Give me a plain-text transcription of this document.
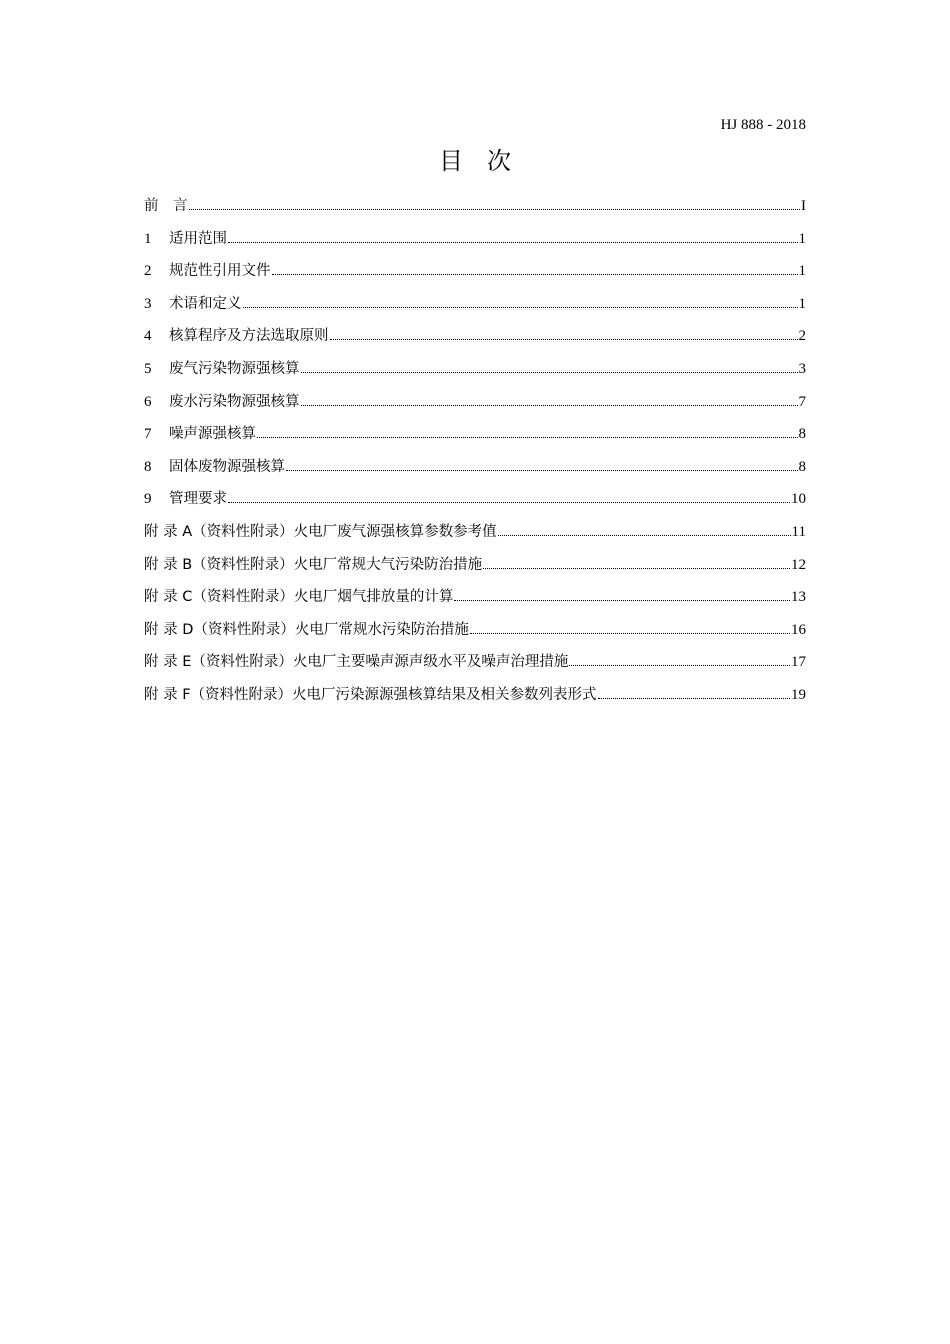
HJ 888 - 2018
目　次
前　言	I
1	适用范围	1
2	规范性引用文件	1
3	术语和定义	1
4	核算程序及方法选取原则	2
5	废气污染物源强核算	3
6	废水污染物源强核算	7
7	噪声源强核算	8
8	固体废物源强核算	8
9	管理要求	10
附 录 A（资料性附录） 火电厂废气源强核算参数参考值	11
附 录 B（资料性附录） 火电厂常规大气污染防治措施	12
附 录 C（资料性附录） 火电厂烟气排放量的计算	13
附 录 D（资料性附录） 火电厂常规水污染防治措施	16
附 录 E（资料性附录） 火电厂主要噪声源声级水平及噪声治理措施	17
附 录 F（资料性附录） 火电厂污染源源强核算结果及相关参数列表形式	19
